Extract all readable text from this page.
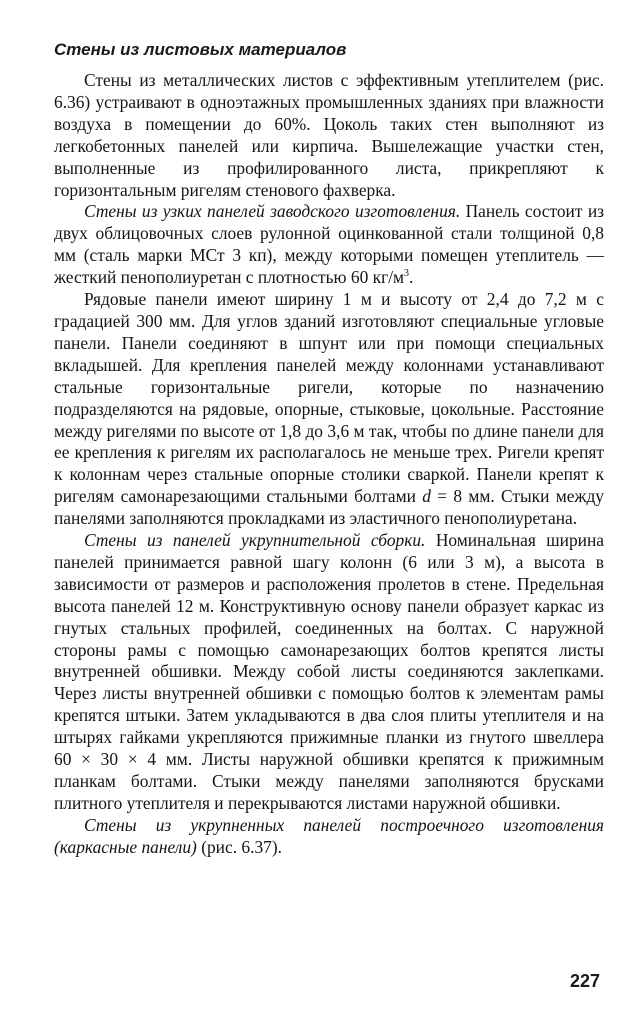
Стены из листовых материалов

Стены из металлических листов с эффективным утеплителем (рис. 6.36) устраивают в одноэтажных промышленных зданиях при влажности воздуха в помещении до 60%. Цоколь таких стен выполняют из легкобетонных панелей или кирпича. Вышележащие участки стен, выполненные из профилированного листа, прикрепляют к горизонтальным ригелям стенового фахверка.

Стены из узких панелей заводского изготовления. Панель состоит из двух облицовочных слоев рулонной оцинкованной стали толщиной 0,8 мм (сталь марки МСт 3 кп), между которыми помещен утеплитель — жесткий пенополиуретан с плотностью 60 $кг/м^3$.

Рядовые панели имеют ширину 1 м и высоту от 2,4 до 7,2 м с градацией 300 мм. Для углов зданий изготовляют специальные угловые панели. Панели соединяют в шпунт или при помощи специальных вкладышей. Для крепления панелей между колоннами устанавливают стальные горизонтальные ригели, которые по назначению подразделяются на рядовые, опорные, стыковые, цокольные. Расстояние между ригелями по высоте от 1,8 до 3,6 м так, чтобы по длине панели для ее крепления к ригелям их располагалось не меньше трех. Ригели крепят к колоннам через стальные опорные столики сваркой. Панели крепят к ригелям самонарезающими стальными болтами d = 8 мм. Стыки между панелями заполняются прокладками из эластичного пенополиуретана.

Стены из панелей укрупнительной сборки. Номинальная ширина панелей принимается равной шагу колонн (6 или 3 м), а высота в зависимости от размеров и расположения пролетов в стене. Предельная высота панелей 12 м. Конструктивную основу панели образует каркас из гнутых стальных профилей, соединенных на болтах. С наружной стороны рамы с помощью самонарезающих болтов крепятся листы внутренней обшивки. Между собой листы соединяются заклепками. Через листы внутренней обшивки с помощью болтов к элементам рамы крепятся штыки. Затем укладываются в два слоя плиты утеплителя и на штырях гайками укрепляются прижимные планки из гнутого швеллера 60 × 30 × 4 мм. Листы наружной обшивки крепятся к прижимным планкам болтами. Стыки между панелями заполняются брусками плитного утеплителя и перекрываются листами наружной обшивки.

Стены из укрупненных панелей построечного изготовления (каркасные панели) (рис. 6.37).

227
